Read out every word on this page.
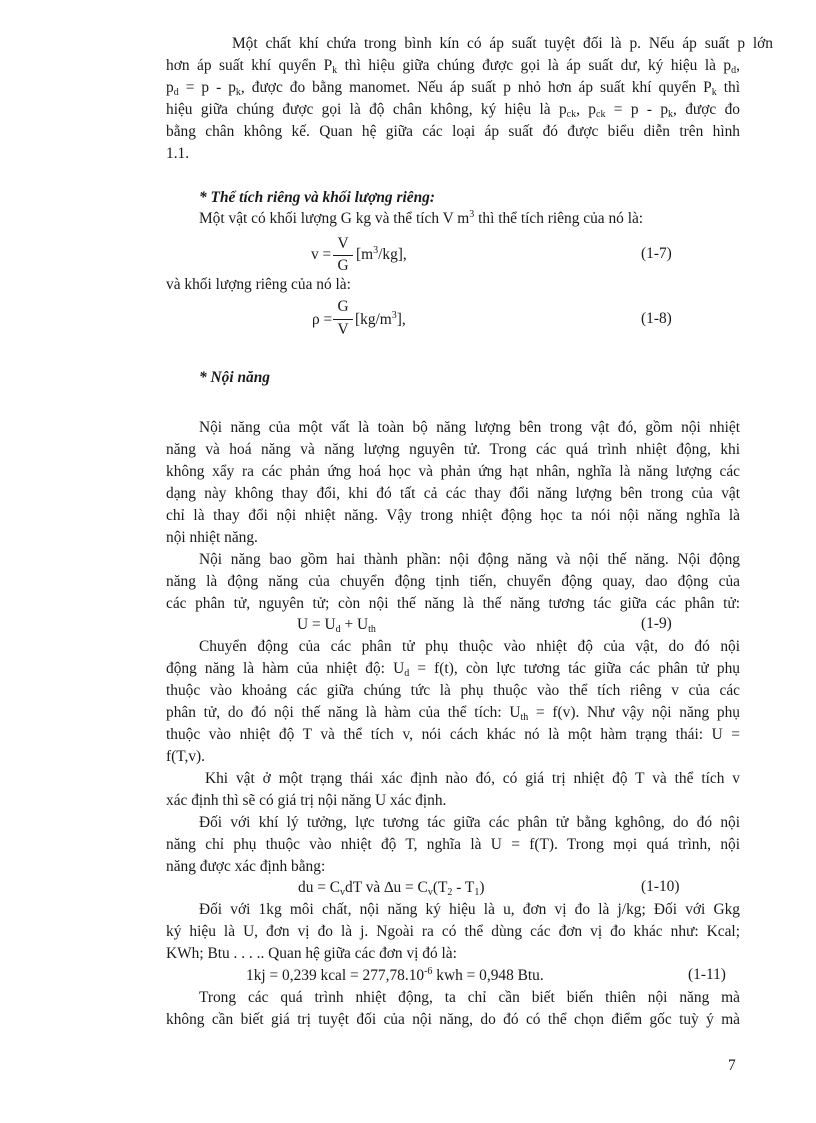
Một chất khí chứa trong bình kín có áp suất tuyệt đối là p. Nếu áp suất p lớn
hơn áp suất khí quyển $P_k$ thì hiệu giữa chúng được gọi là áp suất dư, ký hiệu là $p_d$,
$p_d = p - p_k$, được đo bằng manomet. Nếu áp suất p nhỏ hơn áp suất khí quyển $P_k$ thì
hiệu giữa chúng được gọi là độ chân không, ký hiệu là $p_{ck}$, $p_{ck} = p - p_k$, được đo
bằng chân không kế. Quan hệ giữa các loại áp suất đó được biểu diễn trên hình
1.1.
* Thể tích riêng và khối lượng riêng:
Một vật có khối lượng G kg và thể tích V $m^3$ thì thể tích riêng của nó là:
v =
V
G
$[m^3/kg]$,	(1-7)
và khối lượng riêng của nó là:
ρ =
G
V
$[kg/m^3]$,	(1-8)
* Nội năng
Nội năng của một vất là toàn bộ năng lượng bên trong vật đó, gồm nội nhiệt
năng và hoá năng và năng lượng nguyên tử. Trong các quá trình nhiệt động, khi
không xẩy ra các phản ứng hoá học và phản ứng hạt nhân, nghĩa là năng lượng các
dạng này không thay đổi, khi đó tất cả các thay đổi năng lượng bên trong của vật
chỉ là thay đổi nội nhiệt năng. Vậy trong nhiệt động học ta nói nội năng nghĩa là
nội nhiệt năng.
Nội năng bao gồm hai thành phần: nội động năng và nội thế năng. Nội động
năng là động năng của chuyển động tịnh tiến, chuyển động quay, dao động của
các phân tử, nguyên tử; còn nội thế năng là thế năng tương tác giữa các phân tử:
$U = U_d + U_{th}$	(1-9)
Chuyển động của các phân tử phụ thuộc vào nhiệt độ của vật, do đó nội
động năng là hàm của nhiệt độ: $U_d = f(t)$, còn lực tương tác giữa các phân tử phụ
thuộc vào khoảng các giữa chúng tức là phụ thuộc vào thể tích riêng v của các
phân tử, do đó nội thế năng là hàm của thể tích: $U_{th} = f(v)$. Như vậy nội năng phụ
thuộc vào nhiệt độ T và thể tích v, nói cách khác nó là một hàm trạng thái: U =
f(T,v).
Khi vật ở một trạng thái xác định nào đó, có giá trị nhiệt độ T và thể tích v
xác định thì sẽ có giá trị nội năng U xác định.
Đối với khí lý tưởng, lực tương tác giữa các phân tử bằng kghông, do đó nội
năng chỉ phụ thuộc vào nhiệt độ T, nghĩa là U = f(T). Trong mọi quá trình, nội
năng được xác định bằng:
du = $C_vdT$ và $\Delta u = C_v(T_2 - T_1)$	(1-10)
Đối với 1kg môi chất, nội năng ký hiệu là u, đơn vị đo là j/kg; Đối với Gkg
ký hiệu là U, đơn vị đo là j. Ngoài ra có thể dùng các đơn vị đo khác như: Kcal;
KWh; Btu . . . .. Quan hệ giữa các đơn vị đó là:
1kj = 0,239 kcal = $277,78.10^{-6}$ kwh = 0,948 Btu.	(1-11)
Trong các quá trình nhiệt động, ta chỉ cần biết biến thiên nội năng mà
không cần biết giá trị tuyệt đối của nội năng, do đó có thể chọn điểm gốc tuỳ ý mà
7
